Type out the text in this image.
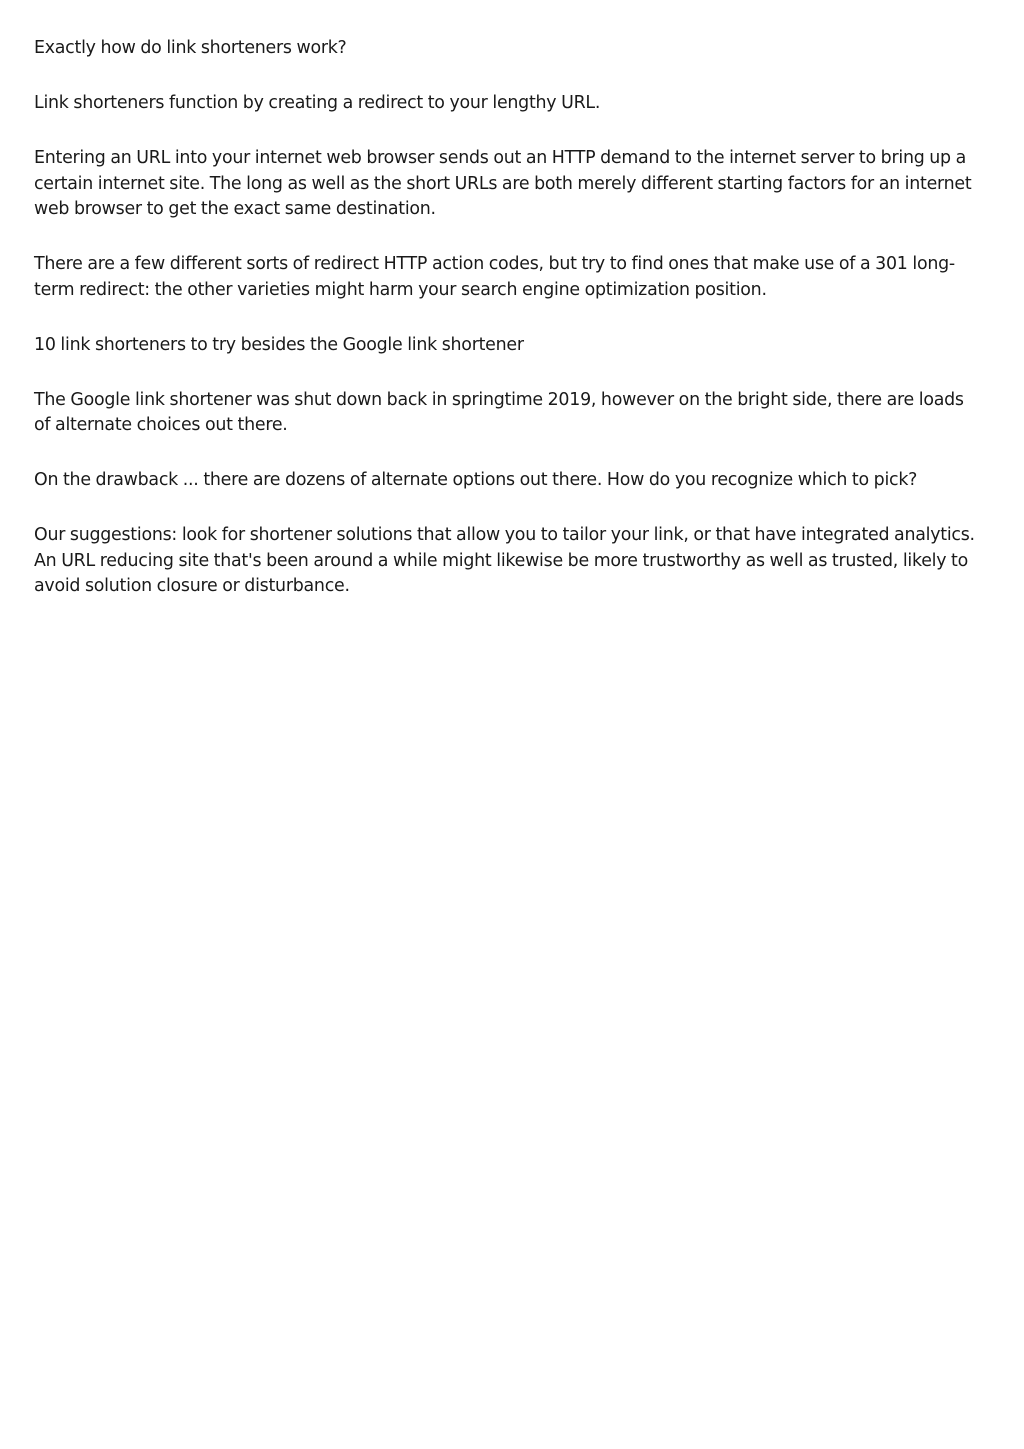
Exactly how do link shorteners work?

Link shorteners function by creating a redirect to your lengthy URL.

Entering an URL into your internet web browser sends out an HTTP demand to the internet server to bring up a certain internet site. The long as well as the short URLs are both merely different starting factors for an internet web browser to get the exact same destination.

There are a few different sorts of redirect HTTP action codes, but try to find ones that make use of a 301 long-term redirect: the other varieties might harm your search engine optimization position.

10 link shorteners to try besides the Google link shortener

The Google link shortener was shut down back in springtime 2019, however on the bright side, there are loads of alternate choices out there.

On the drawback ... there are dozens of alternate options out there. How do you recognize which to pick?

Our suggestions: look for shortener solutions that allow you to tailor your link, or that have integrated analytics. An URL reducing site that's been around a while might likewise be more trustworthy as well as trusted, likely to avoid solution closure or disturbance.
